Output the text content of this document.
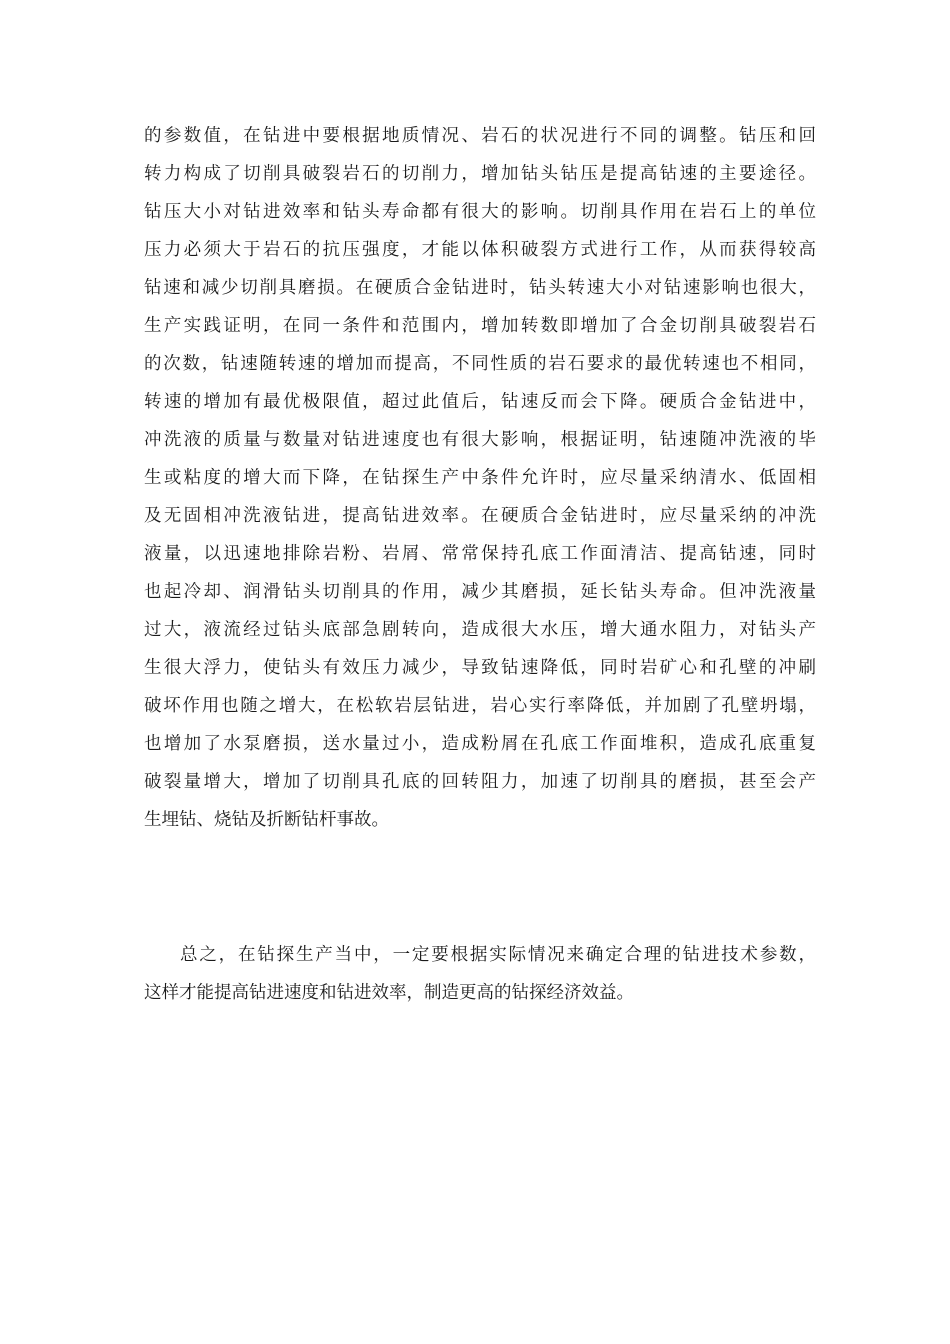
的参数值，在钻进中要根据地质情况、岩石的状况进行不同的调整。钻压和回
转力构成了切削具破裂岩石的切削力，增加钻头钻压是提高钻速的主要途径。
钻压大小对钻进效率和钻头寿命都有很大的影响。切削具作用在岩石上的单位
压力必须大于岩石的抗压强度，才能以体积破裂方式进行工作，从而获得较高
钻速和减少切削具磨损。在硬质合金钻进时，钻头转速大小对钻速影响也很大，
生产实践证明，在同一条件和范围内，增加转数即增加了合金切削具破裂岩石
的次数，钻速随转速的增加而提高，不同性质的岩石要求的最优转速也不相同，
转速的增加有最优极限值，超过此值后，钻速反而会下降。硬质合金钻进中，
冲洗液的质量与数量对钻进速度也有很大影响，根据证明，钻速随冲洗液的毕
生或粘度的增大而下降，在钻探生产中条件允许时，应尽量采纳清水、低固相
及无固相冲洗液钻进，提高钻进效率。在硬质合金钻进时，应尽量采纳的冲洗
液量，以迅速地排除岩粉、岩屑、常常保持孔底工作面清洁、提高钻速，同时
也起冷却、润滑钻头切削具的作用，减少其磨损，延长钻头寿命。但冲洗液量
过大，液流经过钻头底部急剧转向，造成很大水压，增大通水阻力，对钻头产
生很大浮力，使钻头有效压力减少，导致钻速降低，同时岩矿心和孔壁的冲刷
破坏作用也随之增大，在松软岩层钻进，岩心实行率降低，并加剧了孔壁坍塌，
也增加了水泵磨损，送水量过小，造成粉屑在孔底工作面堆积，造成孔底重复
破裂量增大，增加了切削具孔底的回转阻力，加速了切削具的磨损，甚至会产
生埋钻、烧钻及折断钻杆事故。
总之，在钻探生产当中，一定要根据实际情况来确定合理的钻进技术参数，
这样才能提高钻进速度和钻进效率，制造更高的钻探经济效益。
